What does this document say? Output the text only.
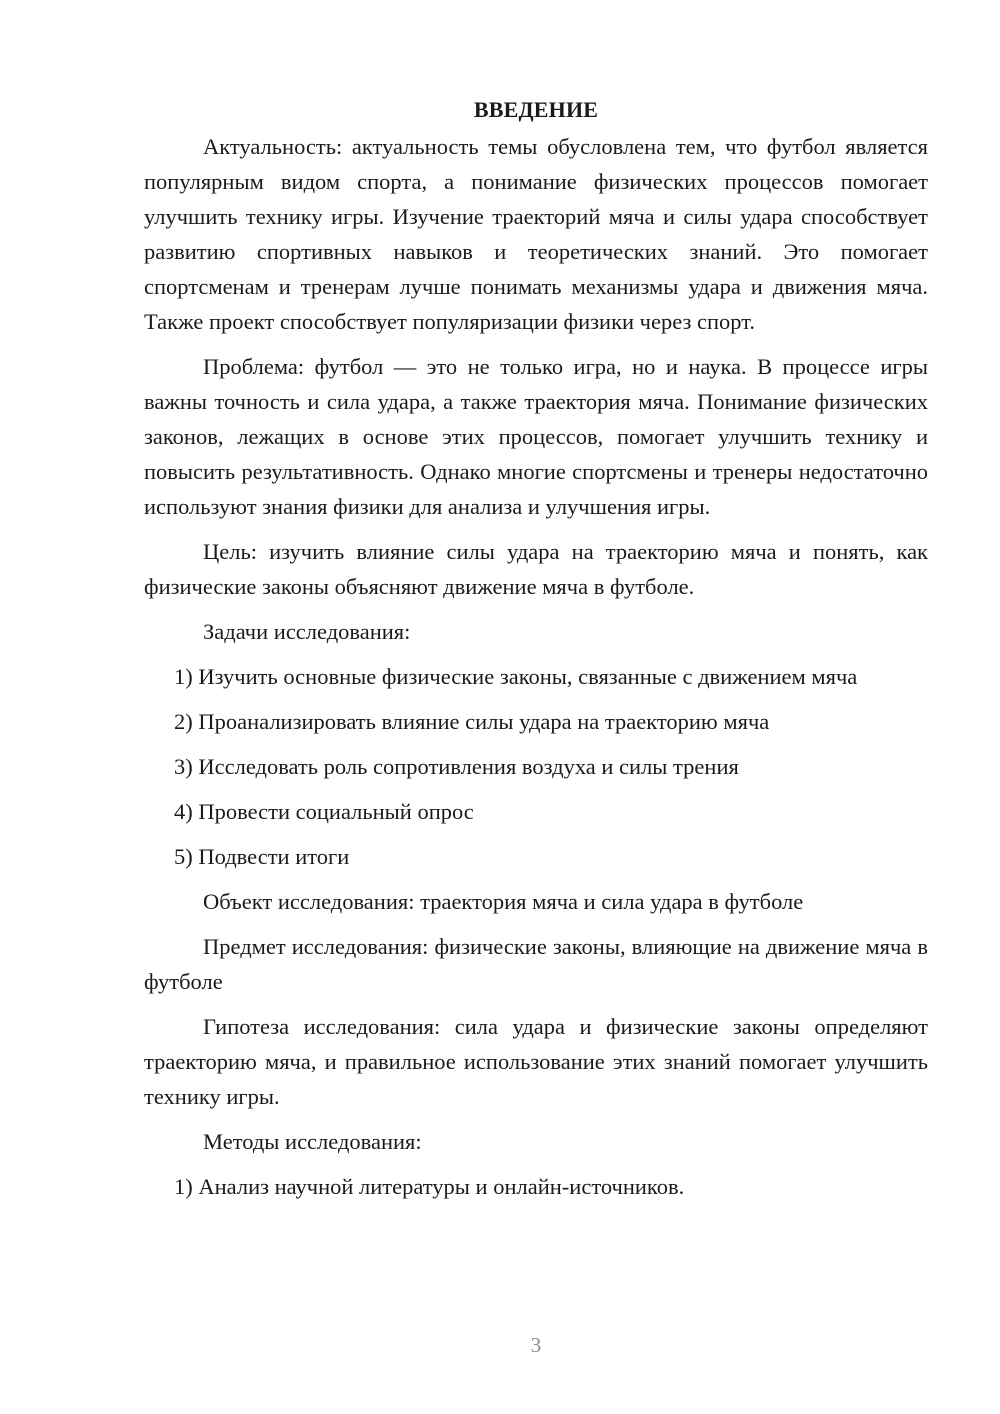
ВВЕДЕНИЕ

Актуальность: актуальность темы обусловлена тем, что футбол является популярным видом спорта, а понимание физических процессов помогает улучшить технику игры. Изучение траекторий мяча и силы удара способствует развитию спортивных навыков и теоретических знаний. Это помогает спортсменам и тренерам лучше понимать механизмы удара и движения мяча. Также проект способствует популяризации физики через спорт.

Проблема: футбол — это не только игра, но и наука. В процессе игры важны точность и сила удара, а также траектория мяча. Понимание физических законов, лежащих в основе этих процессов, помогает улучшить технику и повысить результативность. Однако многие спортсмены и тренеры недостаточно используют знания физики для анализа и улучшения игры.

Цель: изучить влияние силы удара на траекторию мяча и понять, как физические законы объясняют движение мяча в футболе.

Задачи исследования:
1) Изучить основные физические законы, связанные с движением мяча
2) Проанализировать влияние силы удара на траекторию мяча
3) Исследовать роль сопротивления воздуха и силы трения
4) Провести социальный опрос
5) Подвести итоги
Объект исследования: траектория мяча и сила удара в футболе

Предмет исследования: физические законы, влияющие на движение мяча в футболе

Гипотеза исследования: сила удара и физические законы определяют траекторию мяча, и правильное использование этих знаний помогает улучшить технику игры.

Методы исследования:
1) Анализ научной литературы и онлайн-источников.
3
